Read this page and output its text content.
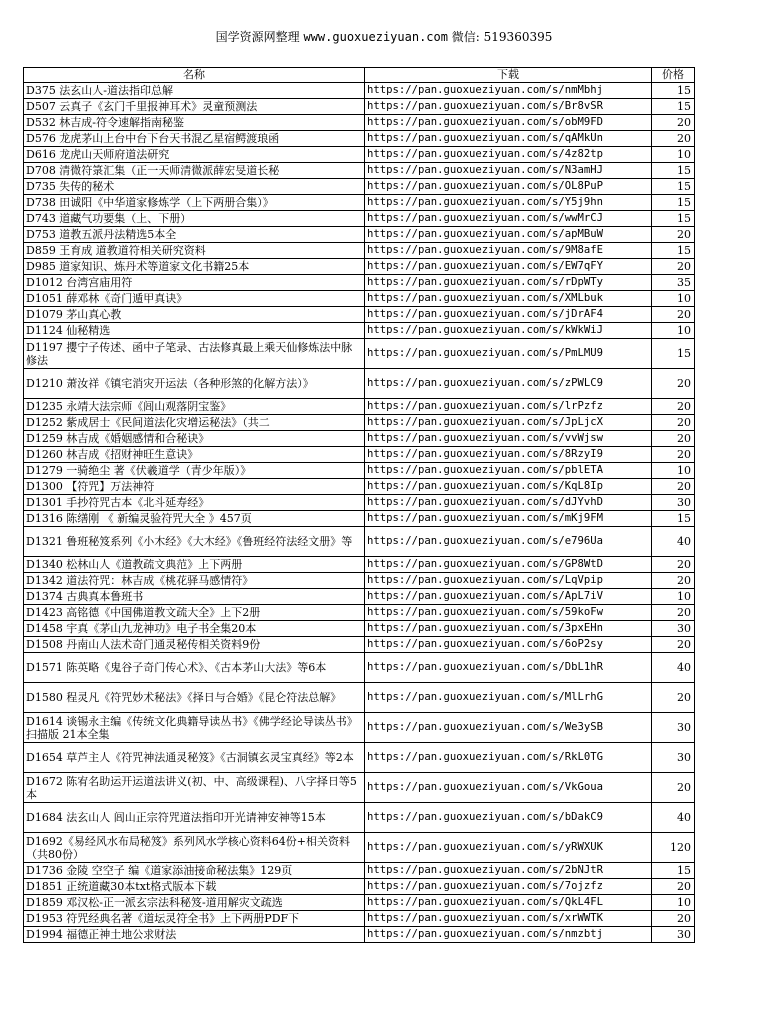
国学资源网整理 www.guoxueziyuan.com 微信: 519360395
名称	下载	价格
D375 法玄山人-道法指印总解	https://pan.guoxueziyuan.com/s/nmMbhj	15
D507 云真子《玄门千里报神耳术》灵童预测法	https://pan.guoxueziyuan.com/s/Br8vSR	15
D532 林吉成-符令速解指南秘鉴	https://pan.guoxueziyuan.com/s/obM9FD	20
D576 龙虎茅山上台中台下台天书混乙星宿鳄渡琅函	https://pan.guoxueziyuan.com/s/qAMkUn	20
D616 龙虎山天师府道法研究	https://pan.guoxueziyuan.com/s/4z82tp	10
D708 清微符箓汇集（正一天师清微派薛宏旻道长秘	https://pan.guoxueziyuan.com/s/N3amHJ	15
D735 失传的秘术	https://pan.guoxueziyuan.com/s/OL8PuP	15
D738 田诚阳《中华道家修炼学（上下两册合集）》	https://pan.guoxueziyuan.com/s/Y5j9hn	15
D743 道藏气功要集（上、下册）	https://pan.guoxueziyuan.com/s/wwMrCJ	15
D753 道教五派丹法精选5本全	https://pan.guoxueziyuan.com/s/apMBuW	20
D859 王育成 道教道符相关研究资料	https://pan.guoxueziyuan.com/s/9M8afE	15
D985 道家知识、炼丹术等道家文化书籍25本	https://pan.guoxueziyuan.com/s/EW7qFY	20
D1012 台湾宫庙用符	https://pan.guoxueziyuan.com/s/rDpWTy	35
D1051 薛邓林《奇门遁甲真诀》	https://pan.guoxueziyuan.com/s/XMLbuk	10
D1079 茅山真心教	https://pan.guoxueziyuan.com/s/jDrAF4	20
D1124 仙秘精选	https://pan.guoxueziyuan.com/s/kWkWiJ	10
D1197 攖宁子传述、函中子笔录、古法修真最上乘天仙修炼法中脉修法	https://pan.guoxueziyuan.com/s/PmLMU9	15
D1210 萧汝祥《镇宅消灾开运法（各种形煞的化解方法）》	https://pan.guoxueziyuan.com/s/zPWLC9	20
D1235 永靖大法宗师《闾山观落阴宝鉴》	https://pan.guoxueziyuan.com/s/lrPzfz	20
D1252 紫成居士《民间道法化灾增运秘法》（共二	https://pan.guoxueziyuan.com/s/JpLjcX	20
D1259 林吉成《婚姻感情和合秘诀》	https://pan.guoxueziyuan.com/s/vvWjsw	20
D1260 林吉成《招财神旺生意诀》	https://pan.guoxueziyuan.com/s/8RzyI9	20
D1279 一骑绝尘 著《伏羲道学（青少年版）》	https://pan.guoxueziyuan.com/s/pblETA	10
D1300 【符咒】万法神符	https://pan.guoxueziyuan.com/s/KqL8Ip	20
D1301 手抄符咒古本《北斗延寿经》	https://pan.guoxueziyuan.com/s/dJYvhD	30
D1316 陈缮刚 《 新编灵验符咒大全 》457页	https://pan.guoxueziyuan.com/s/mKj9FM	15
D1321 鲁班秘笈系列《小木经》《大木经》《鲁班经符法经文册》等	https://pan.guoxueziyuan.com/s/e796Ua	40
D1340 松林山人《道教疏文典范》上下两册	https://pan.guoxueziyuan.com/s/GP8WtD	20
D1342 道法符咒：林吉成《桃花驿马感情符》	https://pan.guoxueziyuan.com/s/LqVpip	20
D1374 古典真本鲁班书	https://pan.guoxueziyuan.com/s/ApL7iV	10
D1423 高铭德《中国佛道教文疏大全》上下2册	https://pan.guoxueziyuan.com/s/59koFw	20
D1458 宇真《茅山九龙神功》电子书全集20本	https://pan.guoxueziyuan.com/s/3pxEHn	30
D1508 丹南山人法术奇门通灵秘传相关资料9份	https://pan.guoxueziyuan.com/s/6oP2sy	20
D1571 陈英略《鬼谷子奇门传心术》、《古本茅山大法》等6本	https://pan.guoxueziyuan.com/s/DbL1hR	40
D1580 程灵凡《符咒妙术秘法》《择日与合婚》《昆仑符法总解》	https://pan.guoxueziyuan.com/s/MlLrhG	20
D1614 谈锡永主编《传统文化典籍导读丛书》《佛学经论导读丛书》扫描版 21本全集	https://pan.guoxueziyuan.com/s/We3ySB	30
D1654 草芦主人《符咒神法通灵秘笈》《古洞镇玄灵宝真经》等2本	https://pan.guoxueziyuan.com/s/RkL0TG	30
D1672 陈宥名助运开运道法讲义(初、中、高级课程)、八字择日等5本	https://pan.guoxueziyuan.com/s/VkGoua	20
D1684 法玄山人 闾山正宗符咒道法指印开光请神安神等15本	https://pan.guoxueziyuan.com/s/bDakC9	40
D1692《易经风水布局秘笈》系列风水学核心资料64份+相关资料（共80份）	https://pan.guoxueziyuan.com/s/yRWXUK	120
D1736 金陵 空空子 编《道家添油接命秘法集》129页	https://pan.guoxueziyuan.com/s/2bNJtR	15
D1851 正统道藏30本txt格式版本下载	https://pan.guoxueziyuan.com/s/7ojzfz	20
D1859 邓汉松-正一派玄宗法科秘笈-道用解灾文疏选	https://pan.guoxueziyuan.com/s/QkL4FL	10
D1953 符咒经典名著《道坛灵符全书》上下两册PDF下	https://pan.guoxueziyuan.com/s/xrWWTK	20
D1994 福德正神土地公求财法	https://pan.guoxueziyuan.com/s/nmzbtj	30
